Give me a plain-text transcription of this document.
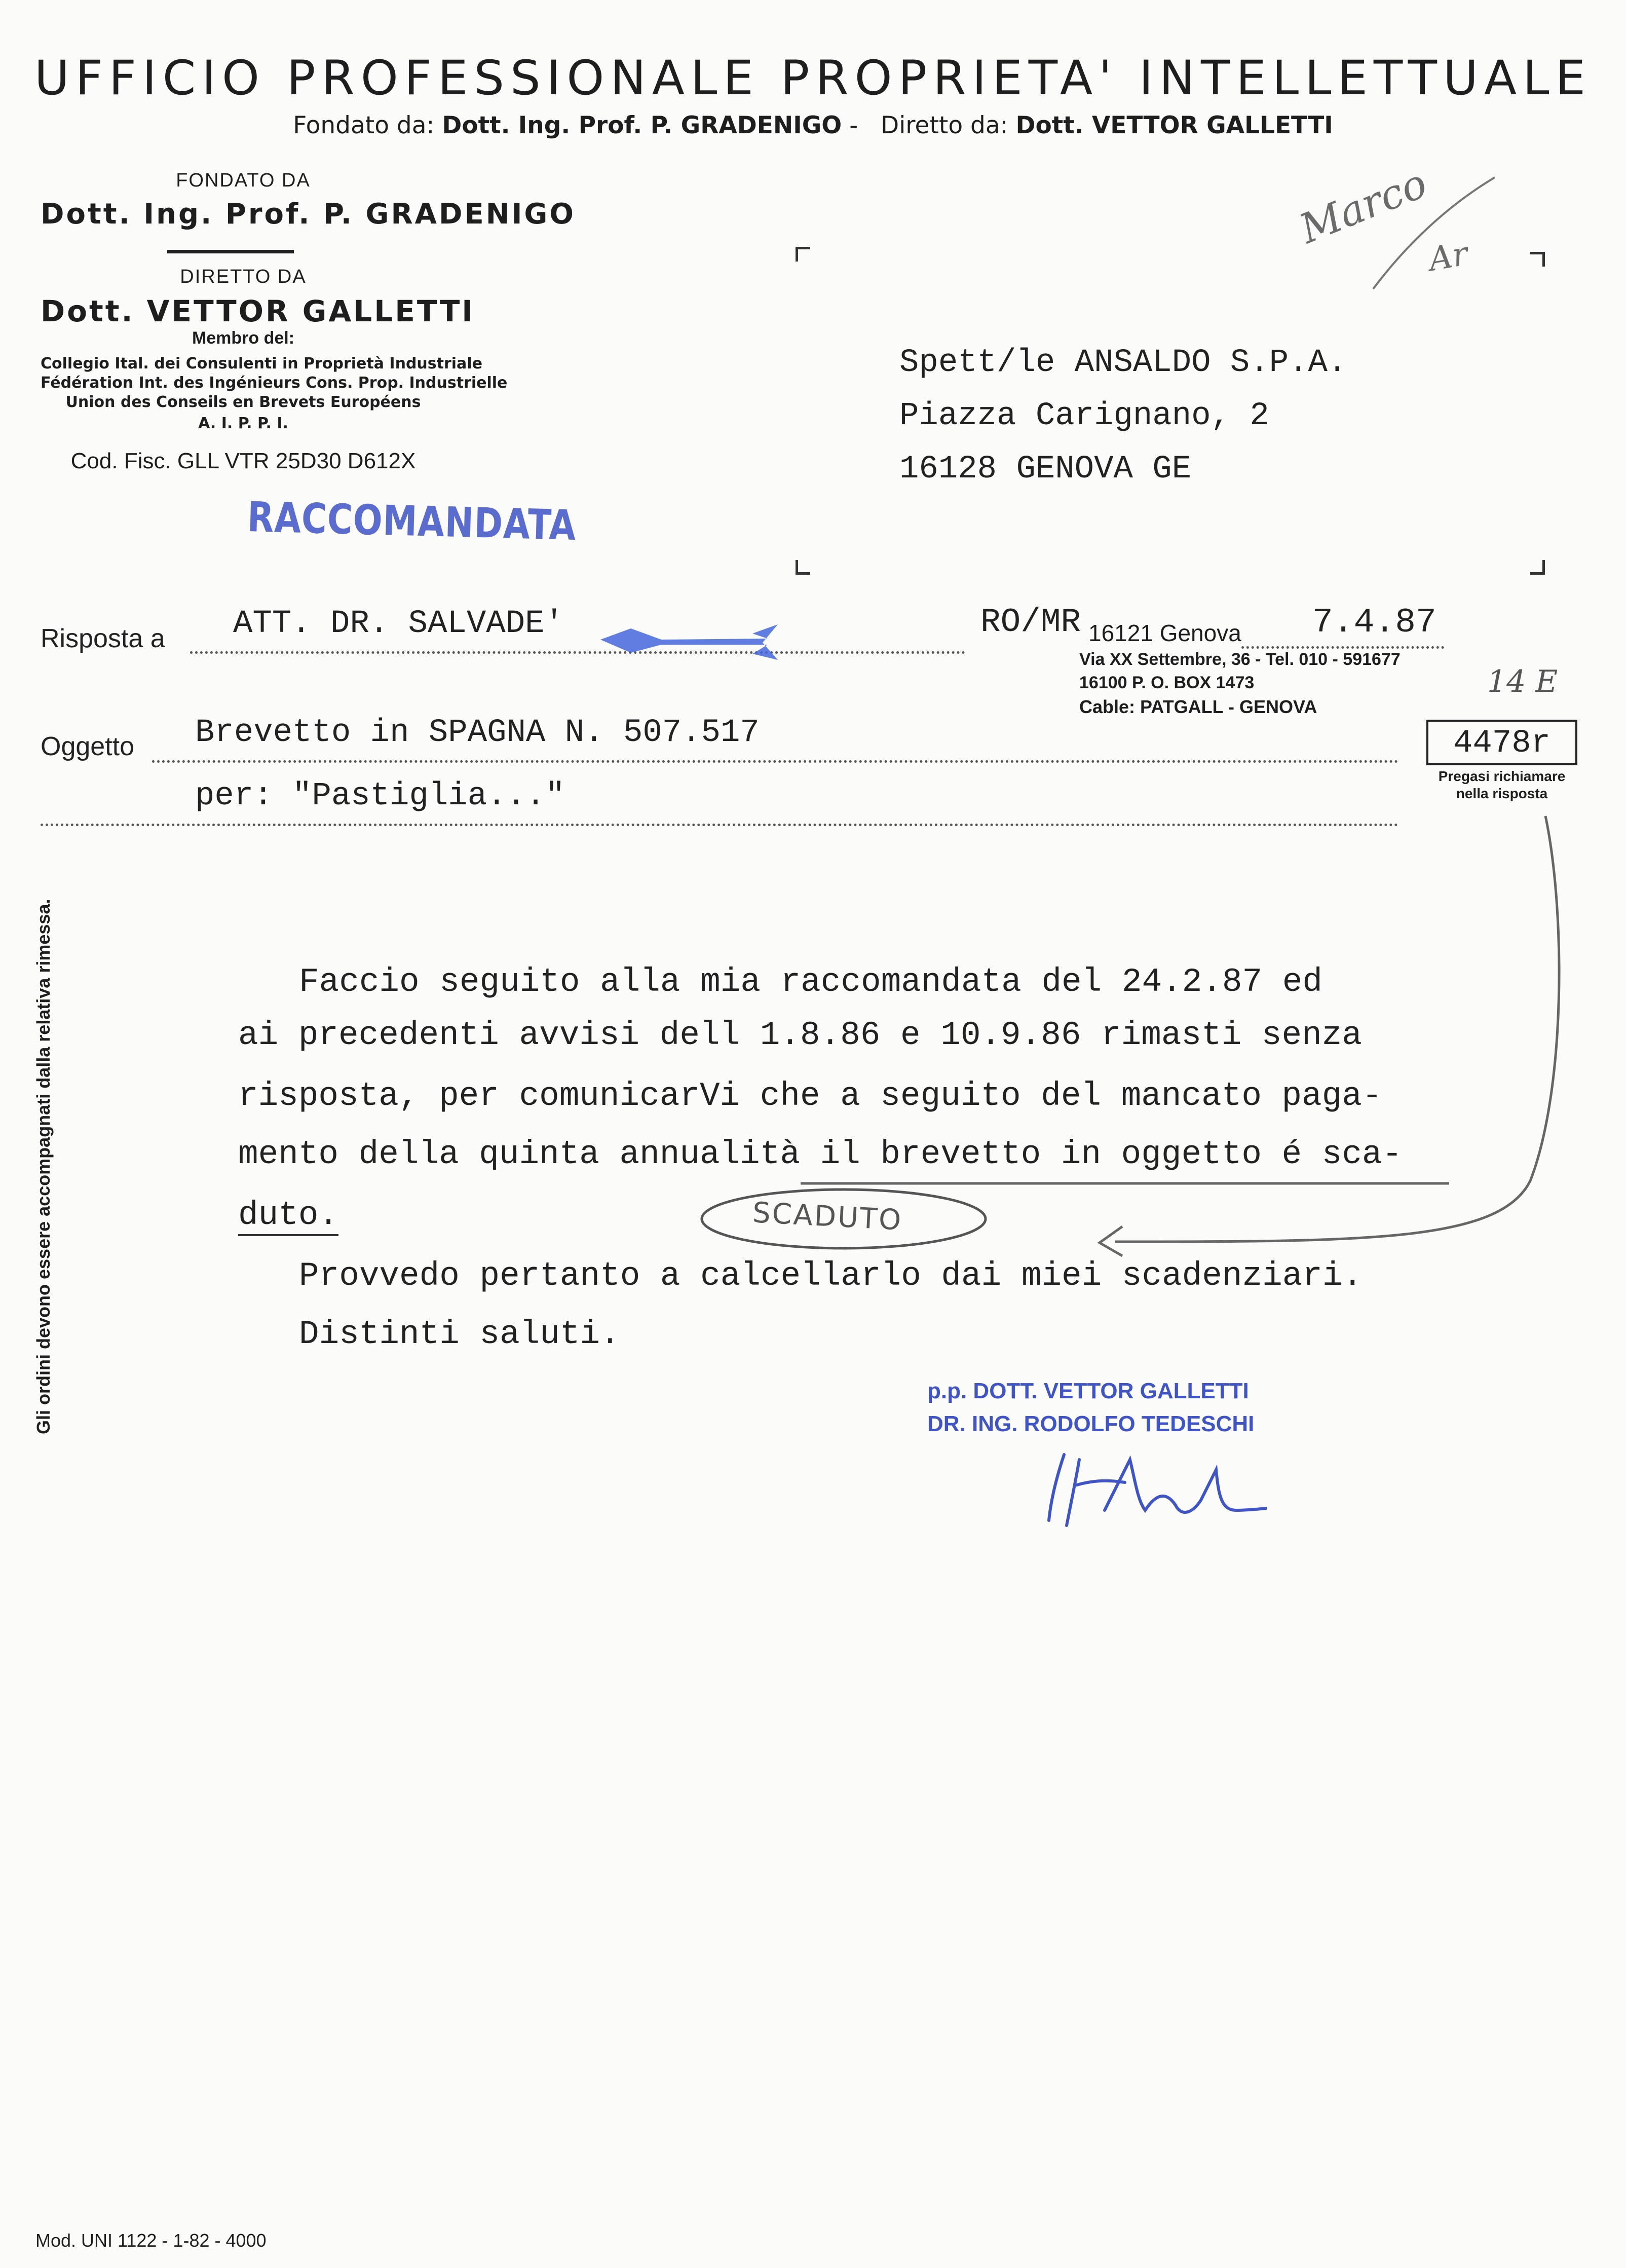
UFFICIO PROFESSIONALE PROPRIETA' INTELLETTUALE
Fondato da: Dott. Ing. Prof. P. GRADENIGO - Diretto da: Dott. VETTOR GALLETTI
FONDATO DA
Dott. Ing. Prof. P. GRADENIGO
DIRETTO DA
Dott. VETTOR GALLETTI
Membro del:
Collegio Ital. dei Consulenti in Proprietà Industriale
Fédération Int. des Ingénieurs Cons. Prop. Industrielle
Union des Conseils en Brevets Européens
A. I. P. P. I.
Cod. Fisc. GLL VTR 25D30 D612X
RACCOMANDATA
Marco
Ar
Spett/le ANSALDO S.P.A.
Piazza Carignano, 2
16128 GENOVA GE
Risposta a ATT. DR. SALVADE'	RO/MR 16121 Genova 7.4.87
Via XX Settembre, 36 - Tel. 010 - 591677
16100 P. O. BOX 1473
Cable: PATGALL - GENOVA
14 E
4478r
Pregasi richiamare
nella risposta
Oggetto Brevetto in SPAGNA N. 507.517
per: "Pastiglia..."
Faccio seguito alla mia raccomandata del 24.2.87 ed
ai precedenti avvisi dell 1.8.86 e 10.9.86 rimasti senza
risposta, per comunicarVi che a seguito del mancato paga-
mento della quinta annualità il brevetto in oggetto é sca-
duto.
Provvedo pertanto a calcellarlo dai miei scadenziari.
Distinti saluti.
SCADUTO
p.p. DOTT. VETTOR GALLETTI
DR. ING. RODOLFO TEDESCHI
Gli ordini devono essere accompagnati dalla relativa rimessa.
Mod. UNI 1122 - 1-82 - 4000
